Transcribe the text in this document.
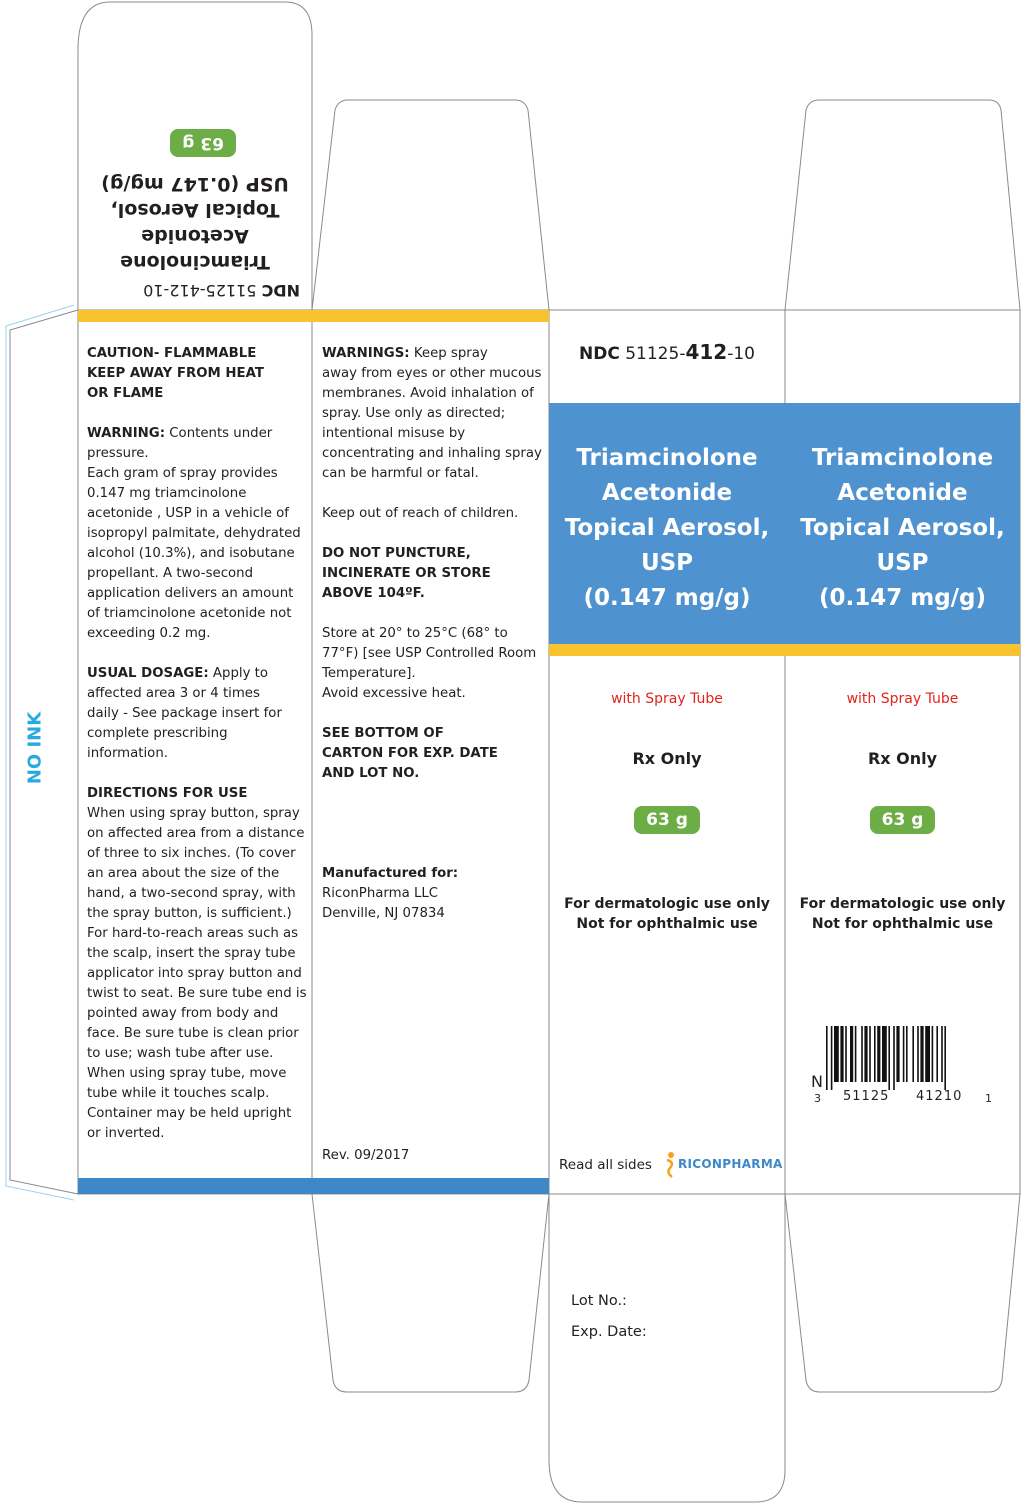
NO INK
NDC 51125-412-10
Triamcinolone
Acetonide
Topical Aerosol,
USP (0.147 mg/g)
63 g

CAUTION- FLAMMABLE

KEEP AWAY FROM HEAT

OR FLAME

WARNING: Contents under

pressure.

Each gram of spray provides

0.147 mg triamcinolone

acetonide , USP in a vehicle of

isopropyl palmitate, dehydrated

alcohol (10.3%), and isobutane

propellant. A two-second

application delivers an amount

of triamcinolone acetonide not

exceeding 0.2 mg.

USUAL DOSAGE: Apply to

affected area 3 or 4 times

daily - See package insert for

complete prescribing

information.

DIRECTIONS FOR USE

When using spray button, spray

on affected area from a distance

of three to six inches. (To cover

an area about the size of the

hand, a two-second spray, with

the spray button, is sufficient.)

For hard-to-reach areas such as

the scalp, insert the spray tube

applicator into spray button and

twist to seat. Be sure tube end is

pointed away from body and

face. Be sure tube is clean prior

to use; wash tube after use.

When using spray tube, move

tube while it touches scalp.

Container may be held upright

or inverted.

WARNINGS: Keep spray

away from eyes or other mucous

membranes. Avoid inhalation of

spray. Use only as directed;

intentional misuse by

concentrating and inhaling spray

can be harmful or fatal.

Keep out of reach of children.

DO NOT PUNCTURE,

INCINERATE OR STORE

ABOVE 104ºF.

Store at 20° to 25°C (68° to

77°F) [see USP Controlled Room

Temperature].

Avoid excessive heat.

SEE BOTTOM OF

CARTON FOR EXP. DATE

AND LOT NO.

Manufactured for:

RiconPharma LLC

Denville, NJ 07834

Rev. 09/2017
NDC 51125-412-10
Triamcinolone
Acetonide
Topical Aerosol,
USP
(0.147 mg/g)
with Spray Tube
Rx Only
63 g
For dermatologic use only
Not for ophthalmic use
Read all sides RICONPHARMA
Triamcinolone
Acetonide
Topical Aerosol,
USP
(0.147 mg/g)
with Spray Tube
Rx Only
63 g
For dermatologic use only
Not for ophthalmic use
N
3 51125 41210 1
Lot No.:
Exp. Date:
